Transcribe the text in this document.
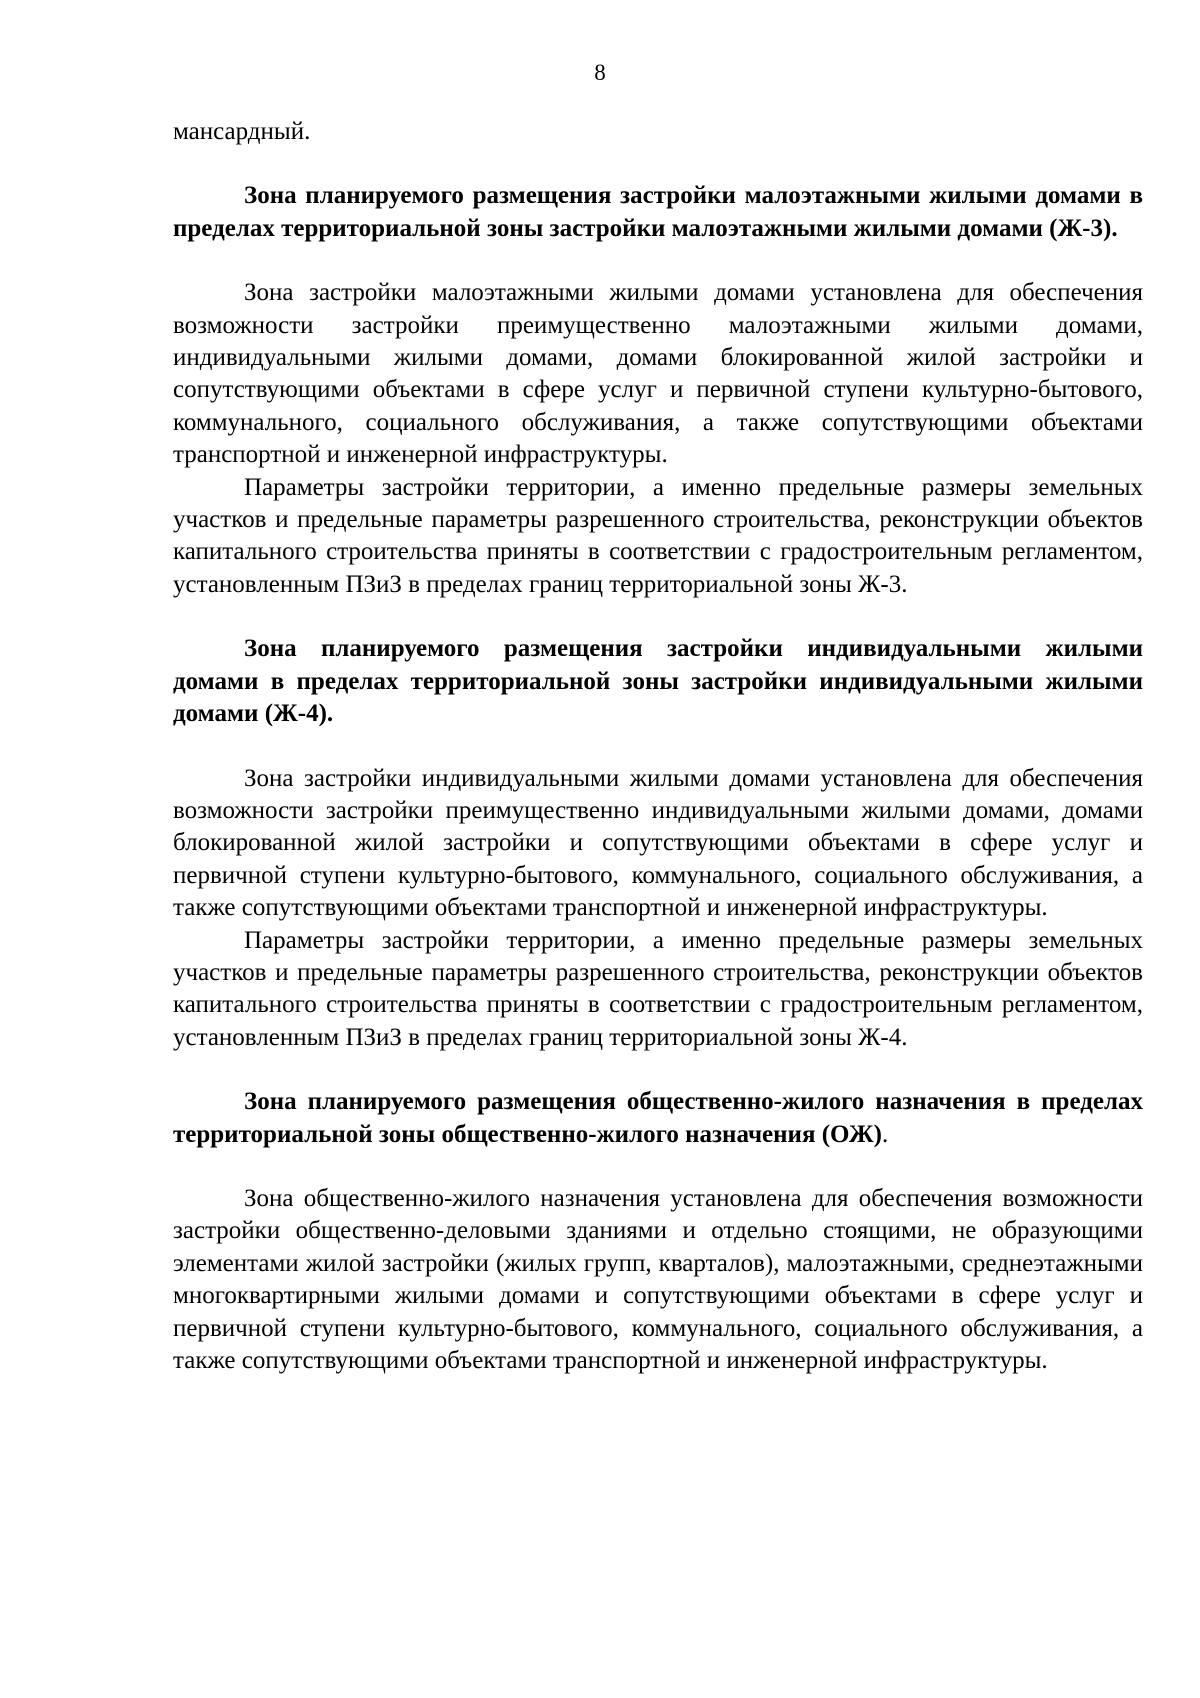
8

мансардный.

Зона планируемого размещения застройки малоэтажными жилыми домами в пределах территориальной зоны застройки малоэтажными жилыми домами (Ж-3).

Зона застройки малоэтажными жилыми домами установлена для обеспечения возможности застройки преимущественно малоэтажными жилыми домами, индивидуальными жилыми домами, домами блокированной жилой застройки и сопутствующими объектами в сфере услуг и первичной ступени культурно-бытового, коммунального, социального обслуживания, а также сопутствующими объектами транспортной и инженерной инфраструктуры.

Параметры застройки территории, а именно предельные размеры земельных участков и предельные параметры разрешенного строительства, реконструкции объектов капитального строительства приняты в соответствии с градостроительным регламентом, установленным ПЗиЗ в пределах границ территориальной зоны Ж-3.

Зона планируемого размещения застройки индивидуальными жилыми домами в пределах территориальной зоны застройки индивидуальными жилыми домами (Ж-4).

Зона застройки индивидуальными жилыми домами установлена для обеспечения возможности застройки преимущественно индивидуальными жилыми домами, домами блокированной жилой застройки и сопутствующими объектами в сфере услуг и первичной ступени культурно-бытового, коммунального, социального обслуживания, а также сопутствующими объектами транспортной и инженерной инфраструктуры.

Параметры застройки территории, а именно предельные размеры земельных участков и предельные параметры разрешенного строительства, реконструкции объектов капитального строительства приняты в соответствии с градостроительным регламентом, установленным ПЗиЗ в пределах границ территориальной зоны Ж-4.

Зона планируемого размещения общественно-жилого назначения в пределах территориальной зоны общественно-жилого назначения (ОЖ).

Зона общественно-жилого назначения установлена для обеспечения возможности застройки общественно-деловыми зданиями и отдельно стоящими, не образующими элементами жилой застройки (жилых групп, кварталов), малоэтажными, среднеэтажными многоквартирными жилыми домами и сопутствующими объектами в сфере услуг и первичной ступени культурно-бытового, коммунального, социального обслуживания, а также сопутствующими объектами транспортной и инженерной инфраструктуры.
